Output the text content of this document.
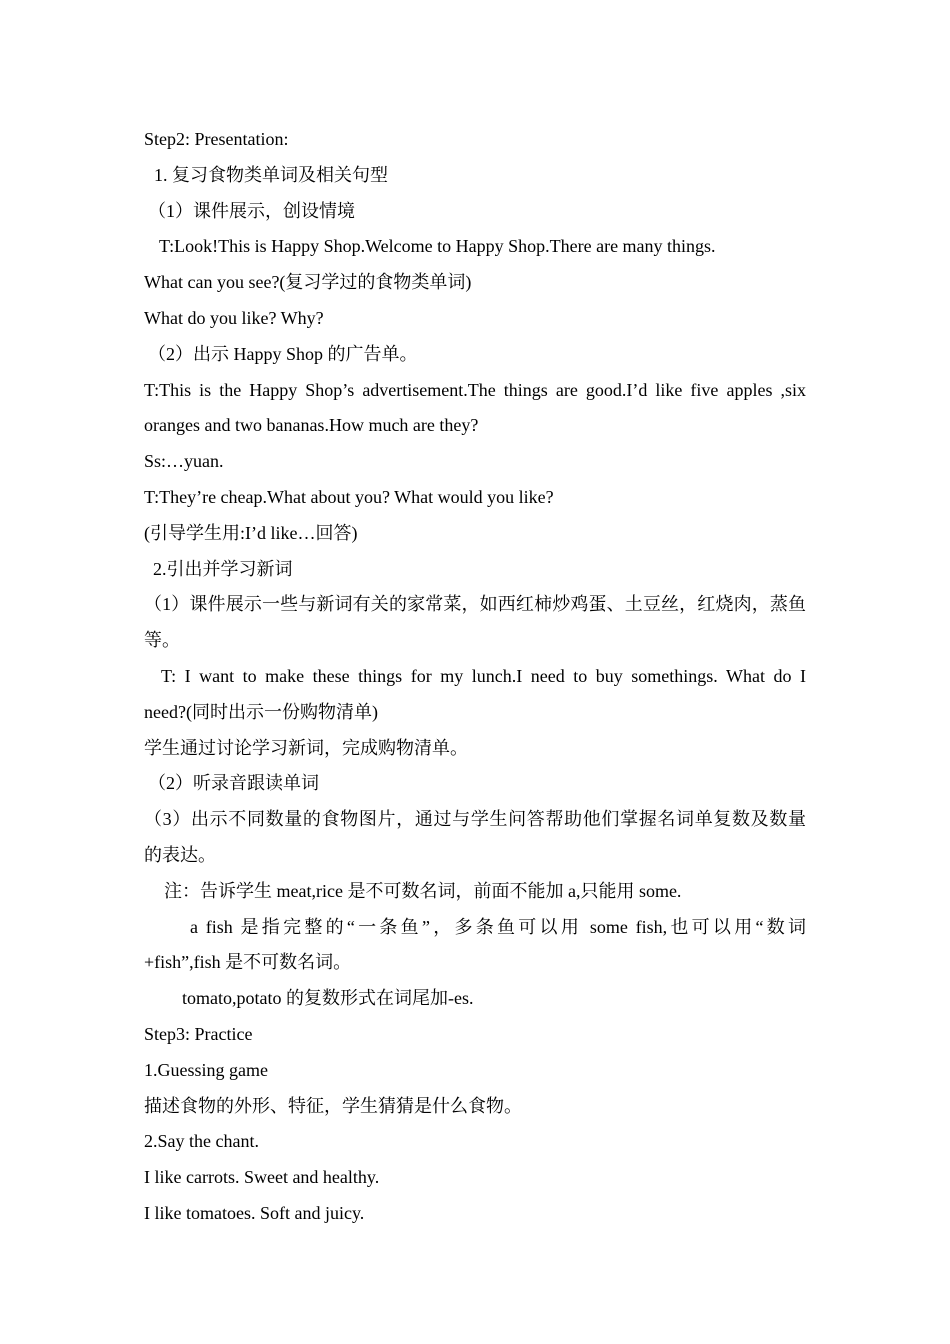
Step2: Presentation:
1. 复习食物类单词及相关句型
（1）课件展示，创设情境
T:Look!This is Happy Shop.Welcome to Happy Shop.There are many things.
What can you see?(复习学过的食物类单词)
What do you like? Why?
（2）出示 Happy Shop 的广告单。
T:This is the Happy Shop’s advertisement.The things are good.I’d like five apples ,six
oranges and two bananas.How much are they?
Ss:…yuan.
T:They’re cheap.What about you? What would you like?
(引导学生用:I’d like…回答)
2.引出并学习新词
（1）课件展示一些与新词有关的家常菜，如西红柿炒鸡蛋、土豆丝，红烧肉，蒸鱼
等。
T: I want to make these things for my lunch.I need to buy somethings. What do I
need?(同时出示一份购物清单)
学生通过讨论学习新词，完成购物清单。
（2）听录音跟读单词
（3）出示不同数量的食物图片，通过与学生问答帮助他们掌握名词单复数及数量
的表达。
注：告诉学生 meat,rice 是不可数名词，前面不能加 a,只能用 some.
a fish 是指完整的“一条鱼”，多条鱼可以用 some fish,也可以用“数词
+fish”,fish 是不可数名词。
tomato,potato 的复数形式在词尾加-es.
Step3: Practice
1.Guessing game
描述食物的外形、特征，学生猜猜是什么食物。
2.Say the chant.
I like carrots. Sweet and healthy.
I like tomatoes. Soft and juicy.
